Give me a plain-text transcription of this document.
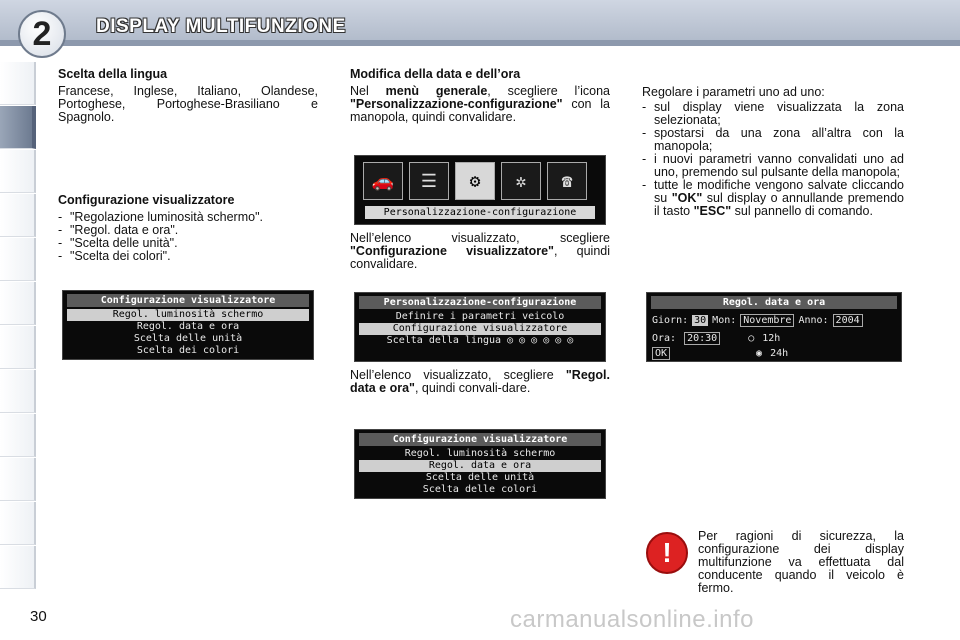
2	DISPLAY MULTIFUNZIONE
Scelta della lingua

Francese, Inglese, Italiano, Olandese, Portoghese, Portoghese-Brasiliano e Spagnolo.

Configurazione visualizzatore
- "Regolazione luminosità schermo".
- "Regol. data e ora".
- "Scelta delle unità".
- "Scelta dei colori".
Configurazione visualizzatore
Regol. luminosità schermo
Regol. data e ora
Scelta delle unità
Scelta dei colori
Modifica della data e dell’ora

Nel menù generale, scegliere l’icona "Personalizzazione-configurazione" con la manopola, quindi convalidare.

🚗	☰	⚙	✲	☎
Personalizzazione-configurazione

Nell’elenco visualizzato, scegliere "Configurazione visualizzatore", quindi convalidare.

Personalizzazione-configurazione
Definire i parametri veicolo
Configurazione visualizzatore
Scelta della lingua ◎ ◎ ◎ ◎ ◎ ◎

Nell’elenco visualizzato, scegliere "Regol. data e ora", quindi convali-dare.

Configurazione visualizzatore
Regol. luminosità schermo
Regol. data e ora
Scelta delle unità
Scelta delle colori

Regolare i parametri uno ad uno:

- sul display viene visualizzata la zona selezionata;
- spostarsi da una zona all’altra con la manopola;
- i nuovi parametri vanno convalidati uno ad uno, premendo sul pulsante della manopola;
- tutte le modifiche vengono salvate cliccando su "OK" sul display o annullande premendo il tasto "ESC" sul pannello di comando.
Regol. data e ora
Giorn: 30 Mon: Novembre Anno: 2004
Ora:	20:30	○ 12h
OK	◉ 24h
!
Per ragioni di sicurezza, la configurazione dei display multifunzione va effettuata dal conducente quando il veicolo è fermo.
30	carmanualsonline.info
